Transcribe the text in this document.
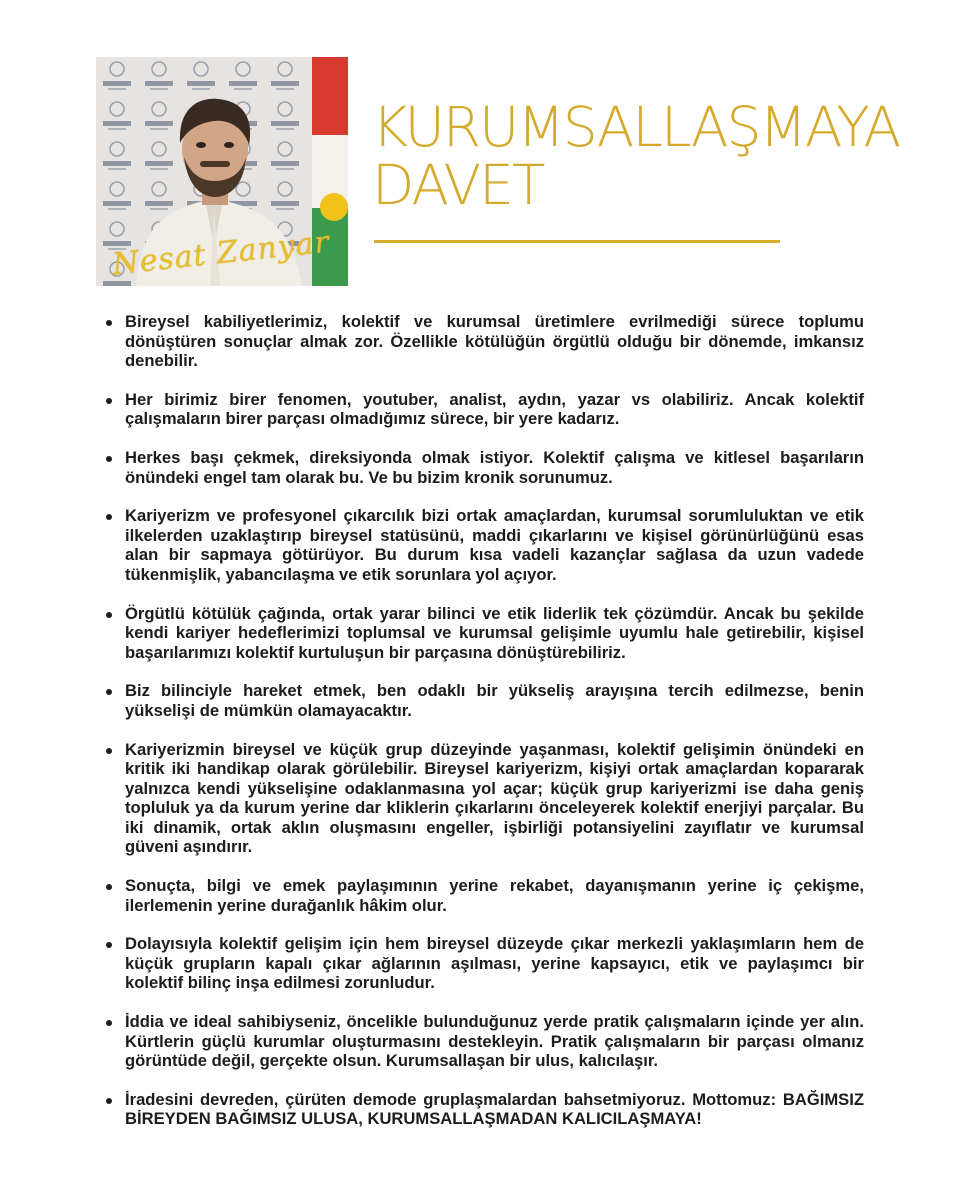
Nesat Zanyar
KURUMSALLAŞMAYA
DAVET
Bireysel kabiliyetlerimiz, kolektif ve kurumsal üretimlere evrilmediği sürece toplumu dönüştüren sonuçlar almak zor. Özellikle kötülüğün örgütlü olduğu bir dönemde, imkansız denebilir.
Her birimiz birer fenomen, youtuber, analist, aydın, yazar vs olabiliriz. Ancak kolektif çalışmaların birer parçası olmadığımız sürece, bir yere kadarız.
Herkes başı çekmek, direksiyonda olmak istiyor. Kolektif çalışma ve kitlesel başarıların önündeki engel tam olarak bu. Ve bu bizim kronik sorunumuz.
Kariyerizm ve profesyonel çıkarcılık bizi ortak amaçlardan, kurumsal sorumluluktan ve etik ilkelerden uzaklaştırıp bireysel statüsünü, maddi çıkarlarını ve kişisel görünürlüğünü esas alan bir sapmaya götürüyor. Bu durum kısa vadeli kazançlar sağlasa da uzun vadede tükenmişlik, yabancılaşma ve etik sorunlara yol açıyor.
Örgütlü kötülük çağında, ortak yarar bilinci ve etik liderlik tek çözümdür. Ancak bu şekilde kendi kariyer hedeflerimizi toplumsal ve kurumsal gelişimle uyumlu hale getirebilir, kişisel başarılarımızı kolektif kurtuluşun bir parçasına dönüştürebiliriz.
Biz bilinciyle hareket etmek, ben odaklı bir yükseliş arayışına tercih edilmezse, benin yükselişi de mümkün olamayacaktır.
Kariyerizmin bireysel ve küçük grup düzeyinde yaşanması, kolektif gelişimin önündeki en kritik iki handikap olarak görülebilir. Bireysel kariyerizm, kişiyi ortak amaçlardan kopararak yalnızca kendi yükselişine odaklanmasına yol açar; küçük grup kariyerizmi ise daha geniş topluluk ya da kurum yerine dar kliklerin çıkarlarını önceleyerek kolektif enerjiyi parçalar. Bu iki dinamik, ortak aklın oluşmasını engeller, işbirliği potansiyelini zayıflatır ve kurumsal güveni aşındırır.
Sonuçta, bilgi ve emek paylaşımının yerine rekabet, dayanışmanın yerine iç çekişme, ilerlemenin yerine durağanlık hâkim olur.
Dolayısıyla kolektif gelişim için hem bireysel düzeyde çıkar merkezli yaklaşımların hem de küçük grupların kapalı çıkar ağlarının aşılması, yerine kapsayıcı, etik ve paylaşımcı bir kolektif bilinç inşa edilmesi zorunludur.
İddia ve ideal sahibiyseniz, öncelikle bulunduğunuz yerde pratik çalışmaların içinde yer alın. Kürtlerin güçlü kurumlar oluşturmasını destekleyin. Pratik çalışmaların bir parçası olmanız görüntüde değil, gerçekte olsun. Kurumsallaşan bir ulus, kalıcılaşır.
İradesini devreden, çürüten demode gruplaşmalardan bahsetmiyoruz. Mottomuz: BAĞIMSIZ BİREYDEN BAĞIMSIZ ULUSA, KURUMSALLAŞMADAN KALICILAŞMAYA!
